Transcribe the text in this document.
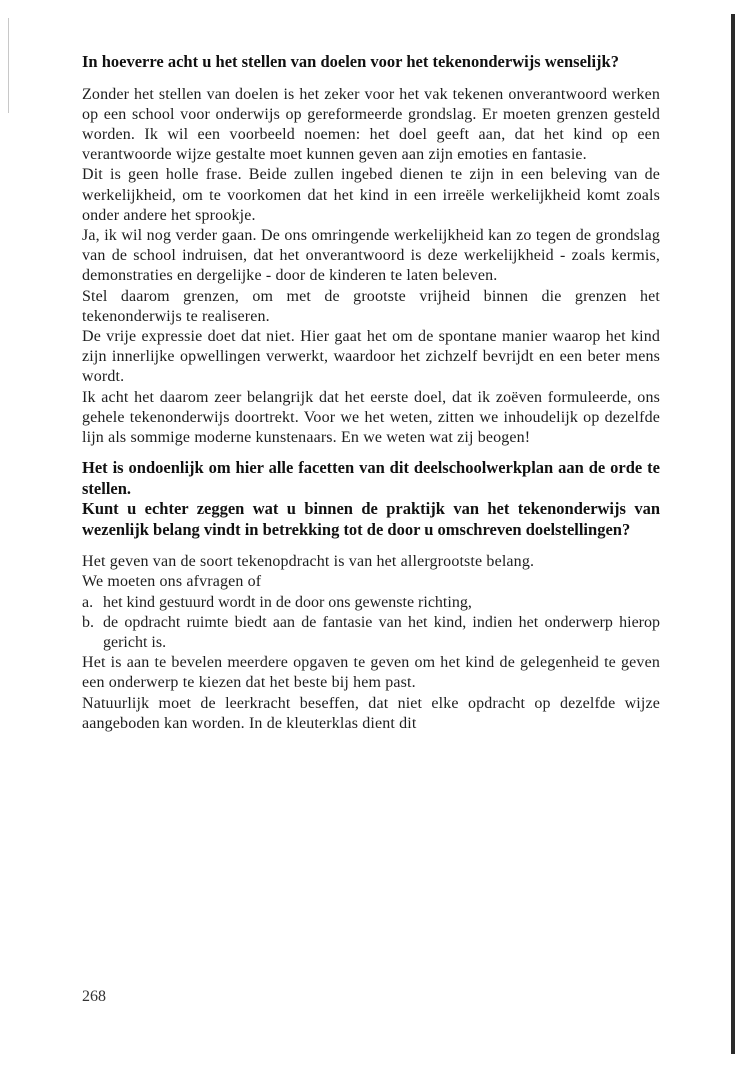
In hoeverre acht u het stellen van doelen voor het tekenonderwijs wenselijk?

Zonder het stellen van doelen is het zeker voor het vak tekenen onverantwoord werken op een school voor onderwijs op gereformeerde grondslag. Er moeten grenzen gesteld worden. Ik wil een voorbeeld noemen: het doel geeft aan, dat het kind op een verantwoorde wijze gestalte moet kunnen geven aan zijn emoties en fantasie.

Dit is geen holle frase. Beide zullen ingebed dienen te zijn in een beleving van de werkelijkheid, om te voorkomen dat het kind in een irreële werkelijkheid komt zoals onder andere het sprookje.

Ja, ik wil nog verder gaan. De ons omringende werkelijkheid kan zo tegen de grondslag van de school indruisen, dat het onverantwoord is deze werkelijkheid - zoals kermis, demonstraties en dergelijke - door de kinderen te laten beleven.

Stel daarom grenzen, om met de grootste vrijheid binnen die grenzen het tekenonderwijs te realiseren.

De vrije expressie doet dat niet. Hier gaat het om de spontane manier waarop het kind zijn innerlijke opwellingen verwerkt, waardoor het zichzelf bevrijdt en een beter mens wordt.

Ik acht het daarom zeer belangrijk dat het eerste doel, dat ik zoëven formuleerde, ons gehele tekenonderwijs doortrekt. Voor we het weten, zitten we inhoudelijk op dezelfde lijn als sommige moderne kunstenaars. En we weten wat zij beogen!

Het is ondoenlijk om hier alle facetten van dit deelschoolwerkplan aan de orde te stellen.
Kunt u echter zeggen wat u binnen de praktijk van het tekenonderwijs van wezenlijk belang vindt in betrekking tot de door u omschreven doelstellingen?

Het geven van de soort tekenopdracht is van het allergrootste belang.

We moeten ons afvragen of

a. het kind gestuurd wordt in de door ons gewenste richting,
b. de opdracht ruimte biedt aan de fantasie van het kind, indien het onderwerp hierop gericht is.

Het is aan te bevelen meerdere opgaven te geven om het kind de gelegenheid te geven een onderwerp te kiezen dat het beste bij hem past.

Natuurlijk moet de leerkracht beseffen, dat niet elke opdracht op dezelfde wijze aangeboden kan worden. In de kleuterklas dient dit

268
